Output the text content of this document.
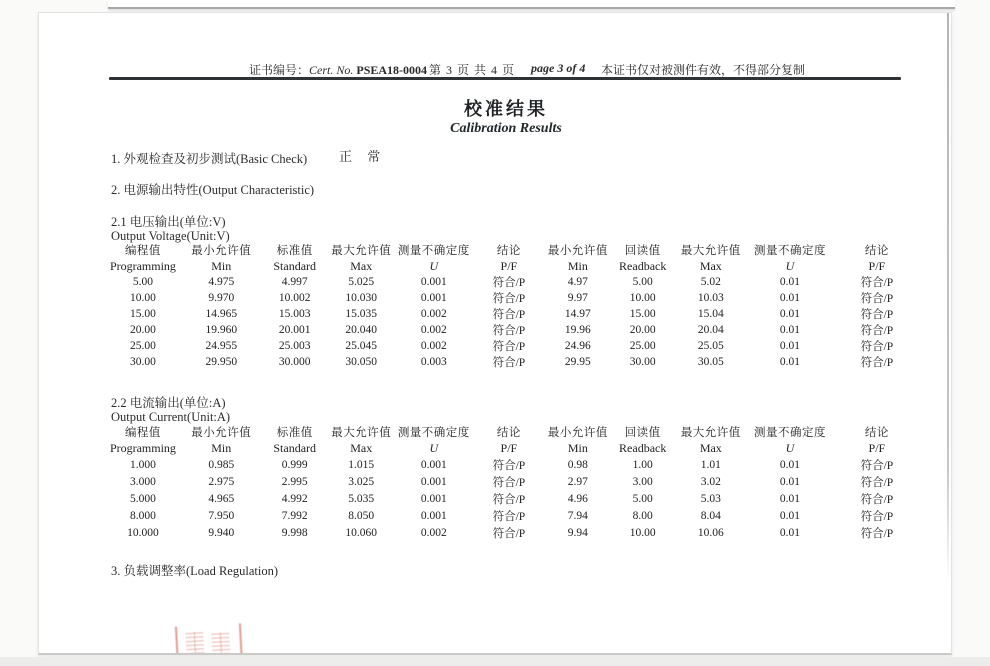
证书编号：Cert. No. PSEA18-0004 第 3 页 共 4 页 page 3 of 4 本证书仅对被测件有效，不得部分复制
校准结果
Calibration Results
1. 外观检查及初步测试(Basic Check) 正 常
2. 电源输出特性(Output Characteristic)
2.1 电压输出(单位:V)
Output Voltage(Unit:V)
编程值	最小允许值	标准值	最大允许值	测量不确定度	结论	最小允许值	回读值	最大允许值	测量不确定度	结论
Programming	Min	Standard	Max	U	P/F	Min	Readback	Max	U	P/F
5.00	4.975	4.997	5.025	0.001	符合/P	4.97	5.00	5.02	0.01	符合/P
10.00	9.970	10.002	10.030	0.001	符合/P	9.97	10.00	10.03	0.01	符合/P
15.00	14.965	15.003	15.035	0.002	符合/P	14.97	15.00	15.04	0.01	符合/P
20.00	19.960	20.001	20.040	0.002	符合/P	19.96	20.00	20.04	0.01	符合/P
25.00	24.955	25.003	25.045	0.002	符合/P	24.96	25.00	25.05	0.01	符合/P
30.00	29.950	30.000	30.050	0.003	符合/P	29.95	30.00	30.05	0.01	符合/P
2.2 电流输出(单位:A)
Output Current(Unit:A)
编程值	最小允许值	标准值	最大允许值	测量不确定度	结论	最小允许值	回读值	最大允许值	测量不确定度	结论
Programming	Min	Standard	Max	U	P/F	Min	Readback	Max	U	P/F
1.000	0.985	0.999	1.015	0.001	符合/P	0.98	1.00	1.01	0.01	符合/P
3.000	2.975	2.995	3.025	0.001	符合/P	2.97	3.00	3.02	0.01	符合/P
5.000	4.965	4.992	5.035	0.001	符合/P	4.96	5.00	5.03	0.01	符合/P
8.000	7.950	7.992	8.050	0.001	符合/P	7.94	8.00	8.04	0.01	符合/P
10.000	9.940	9.998	10.060	0.002	符合/P	9.94	10.00	10.06	0.01	符合/P
3. 负载调整率(Load Regulation)
